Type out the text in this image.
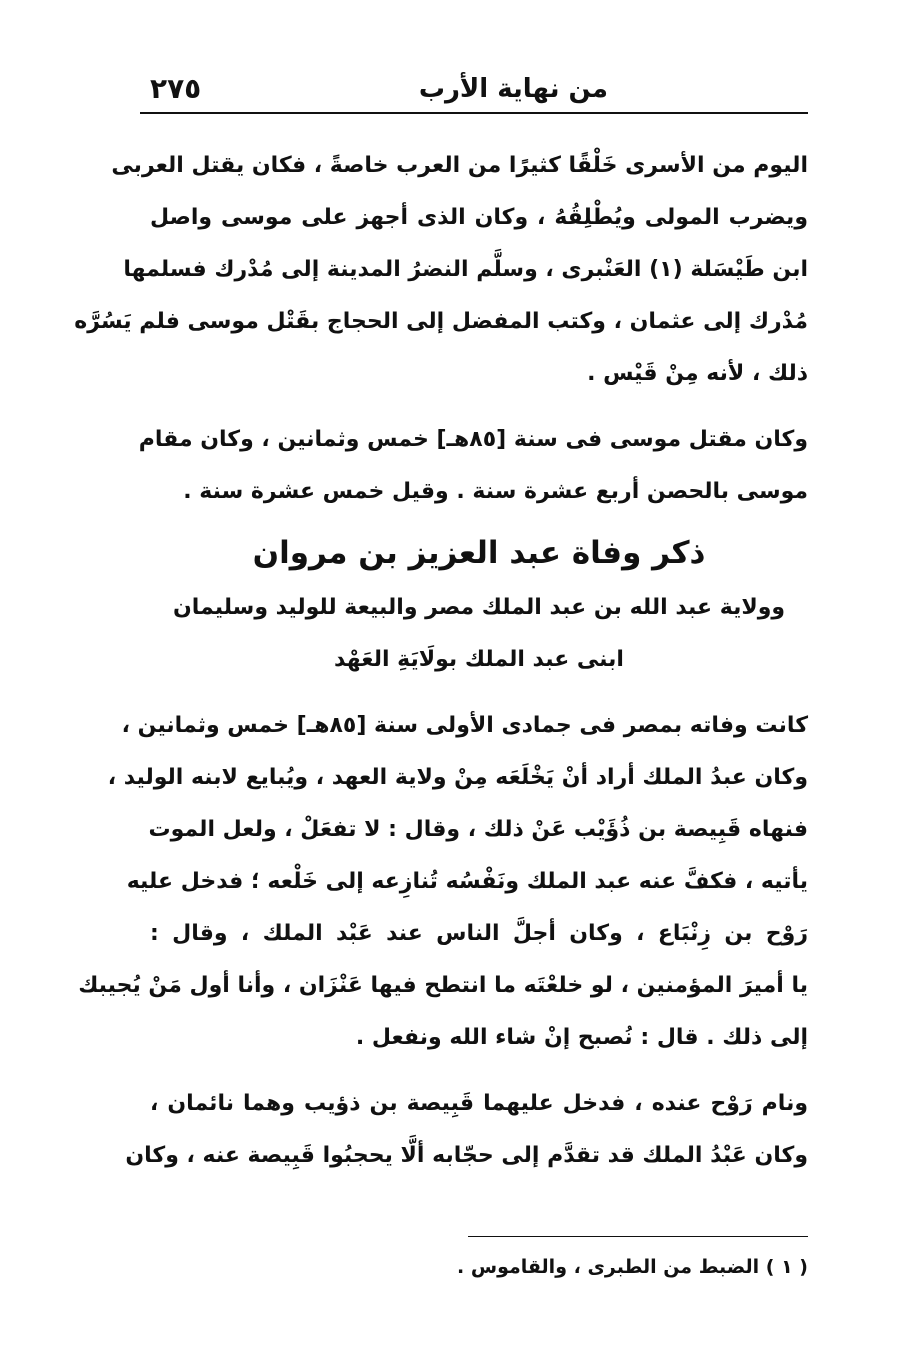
من نهاية الأرب
٢٧٥
اليوم من الأسرى خَلْقًا كثيرًا من العرب خاصةً ، فكان يقتل العربى
ويضرب المولى ويُطْلِقُهُ ، وكان الذى أجهز على موسى واصل
ابن طَيْسَلة (١) العَنْبرى ، وسلَّم النضرُ المدينة إلى مُدْرك فسلمها
مُدْرك إلى عثمان ، وكتب المفضل إلى الحجاج بقَتْل موسى فلم يَسُرَّه
ذلك ، لأنه مِنْ قَيْس .
وكان مقتل موسى فى سنة [٨٥هـ] خمس وثمانين ، وكان مقام
موسى بالحصن أربع عشرة سنة . وقيل خمس عشرة سنة .
ذكر وفاة عبد العزيز بن مروان
وولاية عبد الله بن عبد الملك مصر والبيعة للوليد وسليمان
ابنى عبد الملك بولَايَةِ العَهْد
كانت وفاته بمصر فى جمادى الأولى سنة [٨٥هـ] خمس وثمانين ،
وكان عبدُ الملك أراد أنْ يَخْلَعَه مِنْ ولاية العهد ، ويُبايع لابنه الوليد ،
فنهاه قَبِيصة بن ذُؤَيْب عَنْ ذلك ، وقال : لا تفعَلْ ، ولعل الموت
يأتيه ، فكفَّ عنه عبد الملك ونَفْسُه تُنازِعه إلى خَلْعه ؛ فدخل عليه
رَوْح بن زِنْبَاع ، وكان أجلَّ الناس عند عَبْد الملك ، وقال :
يا أميرَ المؤمنين ، لو خلعْتَه ما انتطح فيها عَنْزَان ، وأنا أول مَنْ يُجيبك
إلى ذلك . قال : نُصبح إنْ شاء الله ونفعل .
ونام رَوْح عنده ، فدخل عليهما قَبِيصة بن ذؤيب وهما نائمان ،
وكان عَبْدُ الملك قد تقدَّم إلى حجّابه ألَّا يحجبُوا قَبِيصة عنه ، وكان
( ١ ) الضبط من الطبرى ، والقاموس .
